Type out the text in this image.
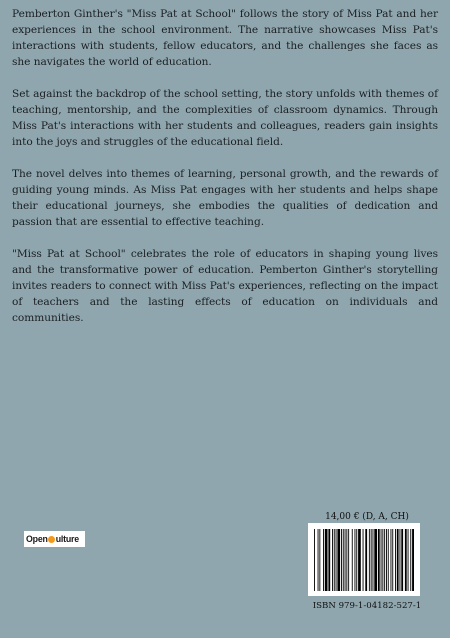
Pemberton Ginther's "Miss Pat at School" follows the story of Miss Pat and her experiences in the school environment. The narrative showcases Miss Pat's interactions with students, fellow educators, and the challenges she faces as she navigates the world of education.

Set against the backdrop of the school setting, the story unfolds with themes of teaching, mentorship, and the complexities of classroom dynamics. Through Miss Pat's interactions with her students and colleagues, readers gain insights into the joys and struggles of the educational field.

The novel delves into themes of learning, personal growth, and the rewards of guiding young minds. As Miss Pat engages with her students and helps shape their educational journeys, she embodies the qualities of dedication and passion that are essential to effective teaching.

"Miss Pat at School" celebrates the role of educators in shaping young lives and the transformative power of education. Pemberton Ginther's storytelling invites readers to connect with Miss Pat's experiences, reflecting on the impact of teachers and the lasting effects of education on individuals and communities.

O pen ulture
14,00 € (D, A, CH)
ISBN 979-1-04182-527-1
